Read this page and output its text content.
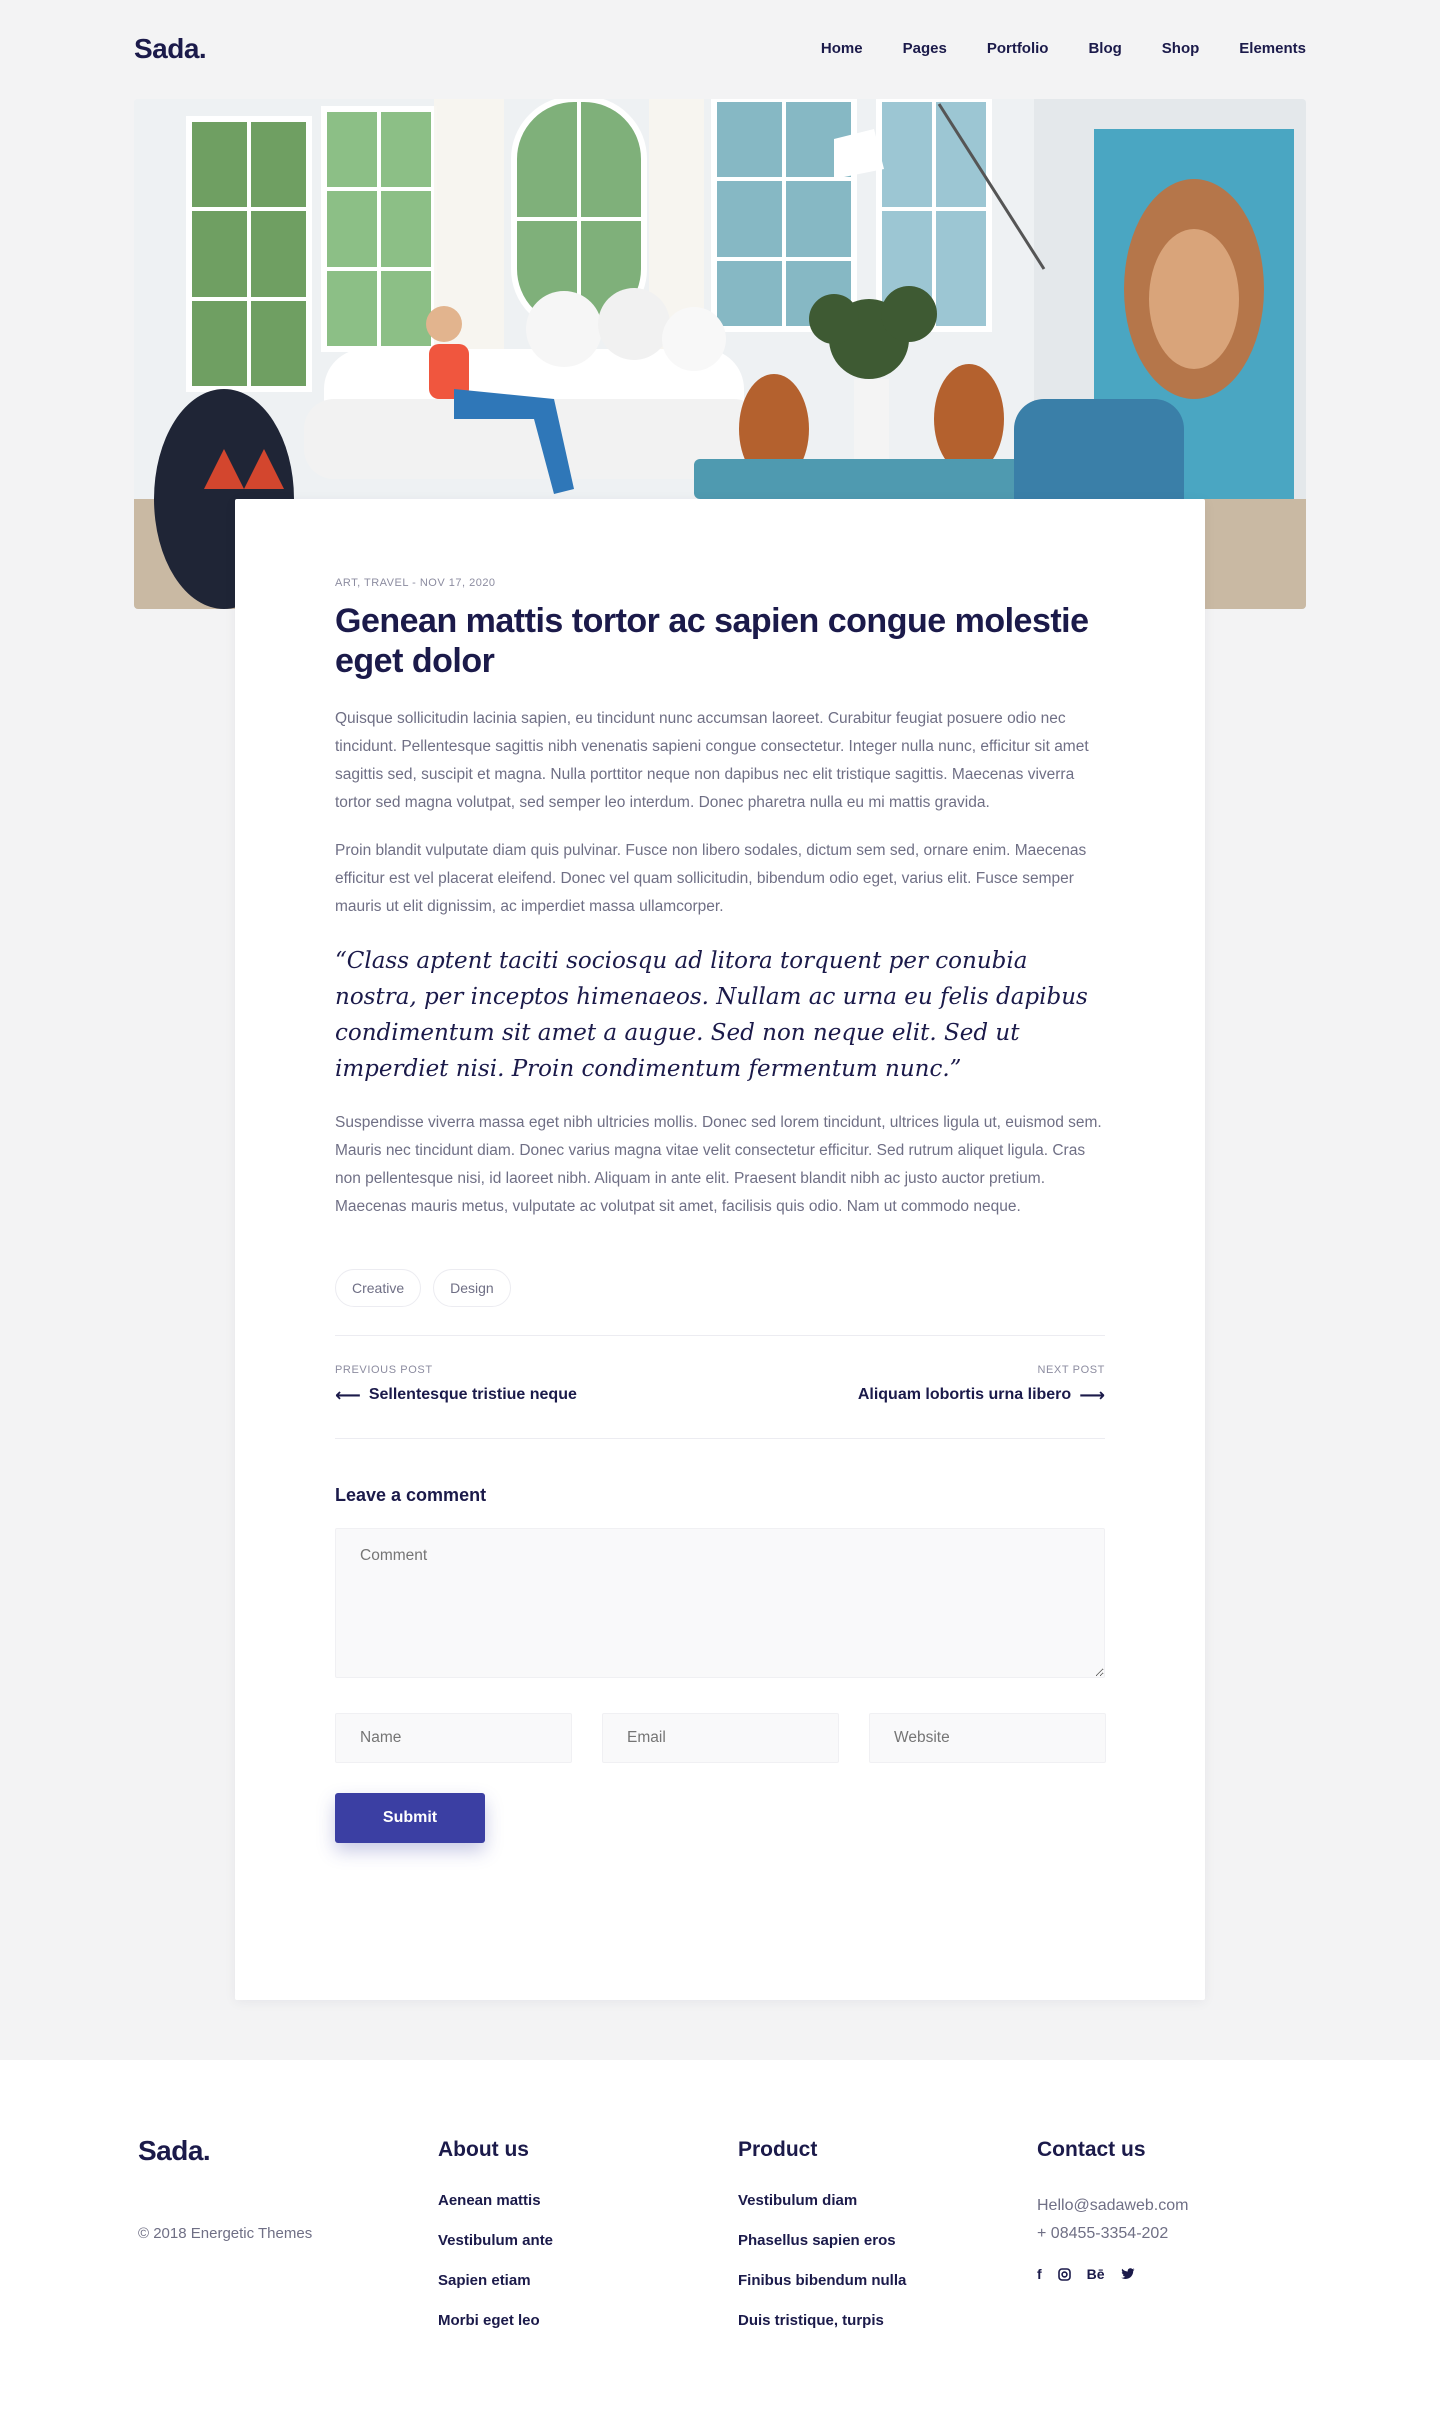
Sada.	Home	Pages	Portfolio	Blog	Shop	Elements
ART, TRAVEL - NOV 17, 2020
Genean mattis tortor ac sapien congue molestie eget dolor

Quisque sollicitudin lacinia sapien, eu tincidunt nunc accumsan laoreet. Curabitur feugiat posuere odio nec tincidunt. Pellentesque sagittis nibh venenatis sapieni congue consectetur. Integer nulla nunc, efficitur sit amet sagittis sed, suscipit et magna. Nulla porttitor neque non dapibus nec elit tristique sagittis. Maecenas viverra tortor sed magna volutpat, sed semper leo interdum. Donec pharetra nulla eu mi mattis gravida.

Proin blandit vulputate diam quis pulvinar. Fusce non libero sodales, dictum sem sed, ornare enim. Maecenas efficitur est vel placerat eleifend. Donec vel quam sollicitudin, bibendum odio eget, varius elit. Fusce semper mauris ut elit dignissim, ac imperdiet massa ullamcorper.

“Class aptent taciti sociosqu ad litora torquent per conubia nostra, per inceptos himenaeos. Nullam ac urna eu felis dapibus condimentum sit amet a augue. Sed non neque elit. Sed ut imperdiet nisi. Proin condimentum fermentum nunc.”

Suspendisse viverra massa eget nibh ultricies mollis. Donec sed lorem tincidunt, ultrices ligula ut, euismod sem. Mauris nec tincidunt diam. Donec varius magna vitae velit consectetur efficitur. Sed rutrum aliquet ligula. Cras non pellentesque nisi, id laoreet nibh. Aliquam in ante elit. Praesent blandit nibh ac justo auctor pretium. Maecenas mauris metus, vulputate ac volutpat sit amet, facilisis quis odio. Nam ut commodo neque.

Creative	Design
PREVIOUS POST
⟵ Sellentesque tristiue neque
NEXT POST
Aliquam lobortis urna libero ⟶
Leave a comment
Comment
Name
Email
Website
Submit
Sada.
© 2018 Energetic Themes
About us
Aenean mattis
Vestibulum ante
Sapien etiam
Morbi eget leo
Product
Vestibulum diam
Phasellus sapien eros
Finibus bibendum nulla
Duis tristique, turpis
Contact us
Hello@sadaweb.com
+ 08455-3354-202
f	Bē
